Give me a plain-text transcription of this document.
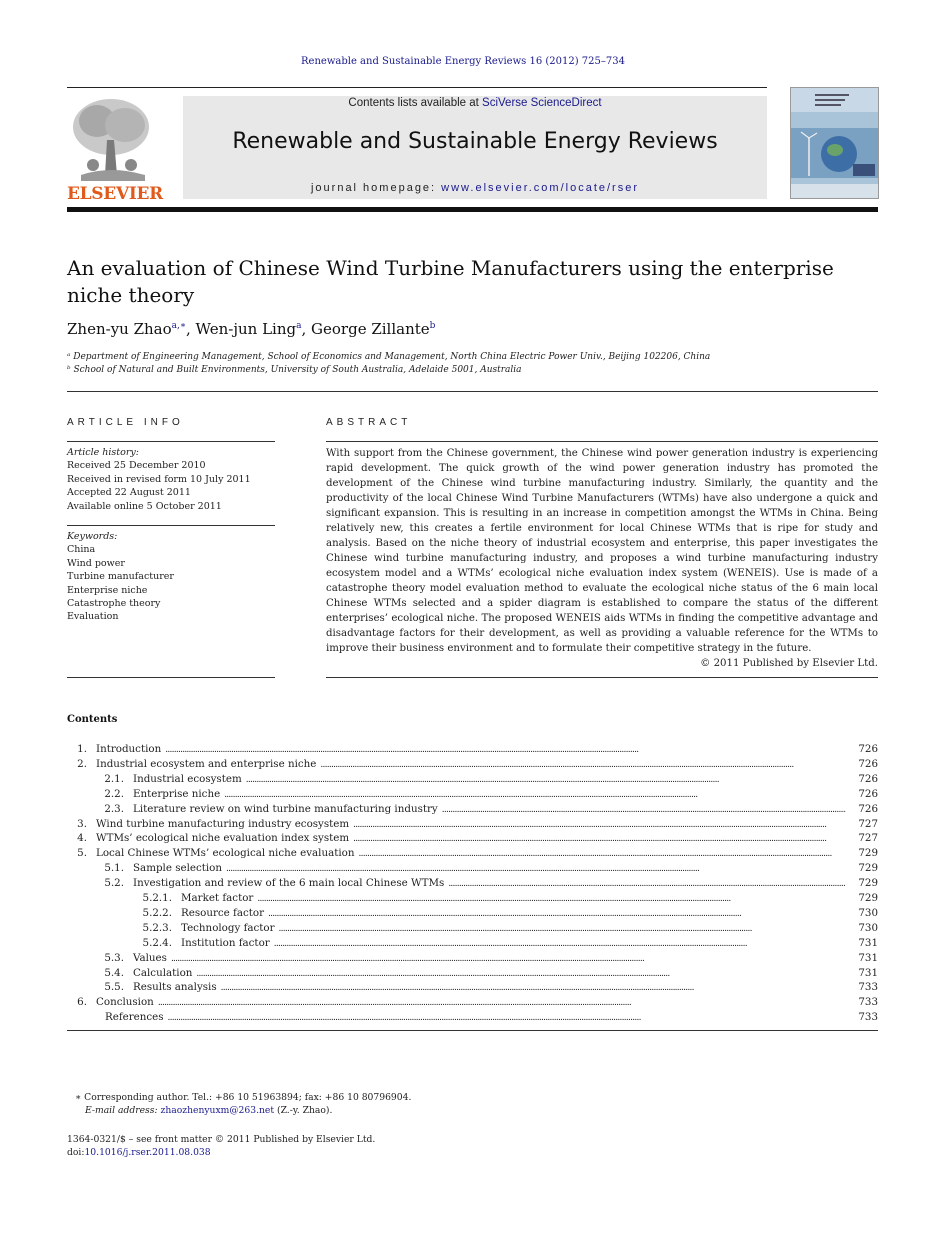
Renewable and Sustainable Energy Reviews 16 (2012) 725–734
ELSEVIER
Contents lists available at SciVerse ScienceDirect
Renewable and Sustainable Energy Reviews
journal homepage: www.elsevier.com/locate/rser
An evaluation of Chinese Wind Turbine Manufacturers using the enterprise niche theory
Zhen-yu Zhao$^{a,∗}$, Wen-jun Ling$^a$, George Zillante$^b$
ᵃ Department of Engineering Management, School of Economics and Management, North China Electric Power Univ., Beijing 102206, China
ᵇ School of Natural and Built Environments, University of South Australia, Adelaide 5001, Australia
ARTICLE INFO
Article history:
Received 25 December 2010
Received in revised form 10 July 2011
Accepted 22 August 2011
Available online 5 October 2011
Keywords:
China
Wind power
Turbine manufacturer
Enterprise niche
Catastrophe theory
Evaluation
ABSTRACT
With support from the Chinese government, the Chinese wind power generation industry is experiencing rapid development. The quick growth of the wind power generation industry has promoted the development of the Chinese wind turbine manufacturing industry. Similarly, the quantity and the productivity of the local Chinese Wind Turbine Manufacturers (WTMs) have also undergone a quick and significant expansion. This is resulting in an increase in competition amongst the WTMs in China. Being relatively new, this creates a fertile environment for local Chinese WTMs that is ripe for study and analysis. Based on the niche theory of industrial ecosystem and enterprise, this paper investigates the Chinese wind turbine manufacturing industry, and proposes a wind turbine manufacturing industry ecosystem model and a WTMs’ ecological niche evaluation index system (WENEIS). Use is made of a catastrophe theory model evaluation method to evaluate the ecological niche status of the 6 main local Chinese WTMs selected and a spider diagram is established to compare the status of the different enterprises’ ecological niche. The proposed WENEIS aids WTMs in finding the competitive advantage and disadvantage factors for their development, as well as providing a valuable reference for the WTMs to improve their business environment and to formulate their competitive strategy in the future.
© 2011 Published by Elsevier Ltd.
Contents
1. Introduction . . .	726
2. Industrial ecosystem and enterprise niche . . .	726
2.1. Industrial ecosystem . . .	726
2.2. Enterprise niche . . .	726
2.3. Literature review on wind turbine manufacturing industry . . .	726
3. Wind turbine manufacturing industry ecosystem . . .	727
4. WTMs’ ecological niche evaluation index system . . .	727
5. Local Chinese WTMs’ ecological niche evaluation . . .	729
5.1. Sample selection . . .	729
5.2. Investigation and review of the 6 main local Chinese WTMs . . .	729
5.2.1. Market factor . . .	729
5.2.2. Resource factor . . .	730
5.2.3. Technology factor . . .	730
5.2.4. Institution factor . . .	731
5.3. Values . . .	731
5.4. Calculation . . .	731
5.5. Results analysis . . .	733
6. Conclusion . . .	733
References . . .	733
∗ Corresponding author. Tel.: +86 10 51963894; fax: +86 10 80796904.
E-mail address: zhaozhenyuxm@263.net (Z.-y. Zhao).
1364-0321/$ – see front matter © 2011 Published by Elsevier Ltd.
doi:10.1016/j.rser.2011.08.038
